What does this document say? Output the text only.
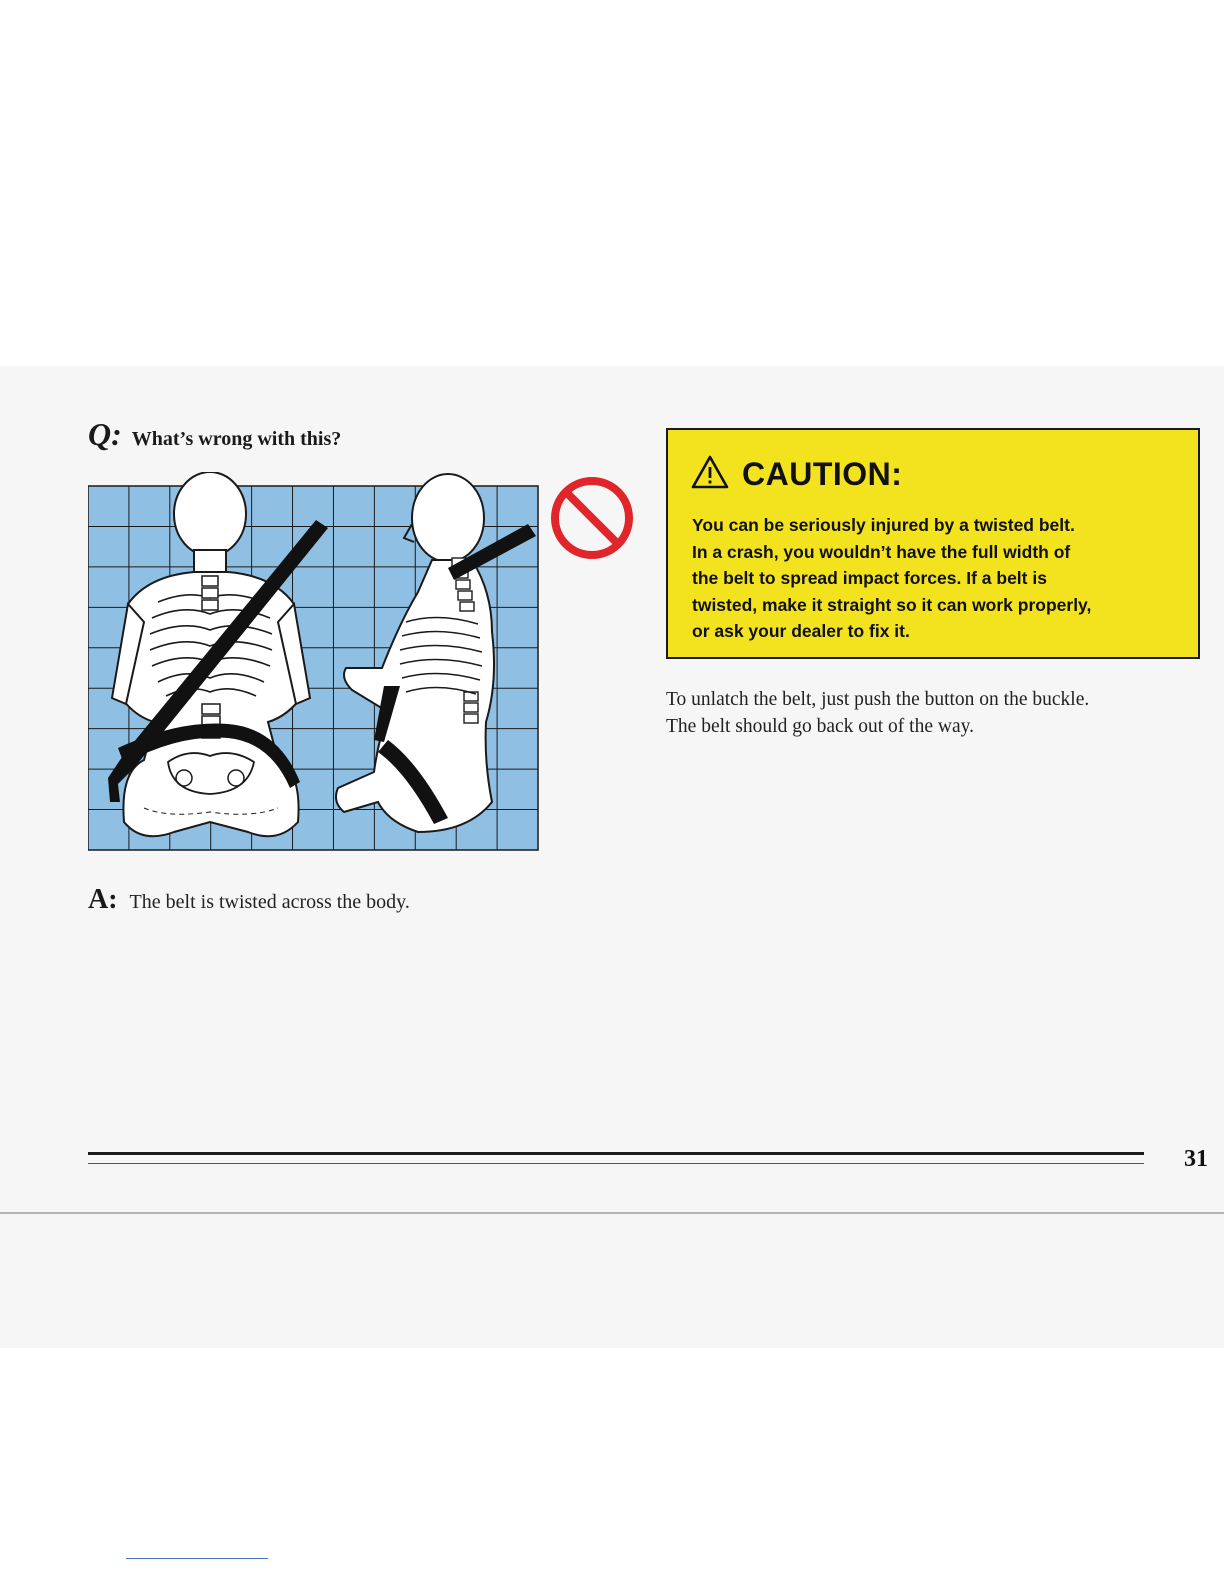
Q: What’s wrong with this?
A: The belt is twisted across the body.
CAUTION:
You can be seriously injured by a twisted belt.
In a crash, you wouldn’t have the full width of
the belt to spread impact forces. If a belt is
twisted, make it straight so it can work properly,
or ask your dealer to fix it.
To unlatch the belt, just push the button on the buckle.
The belt should go back out of the way.
31
